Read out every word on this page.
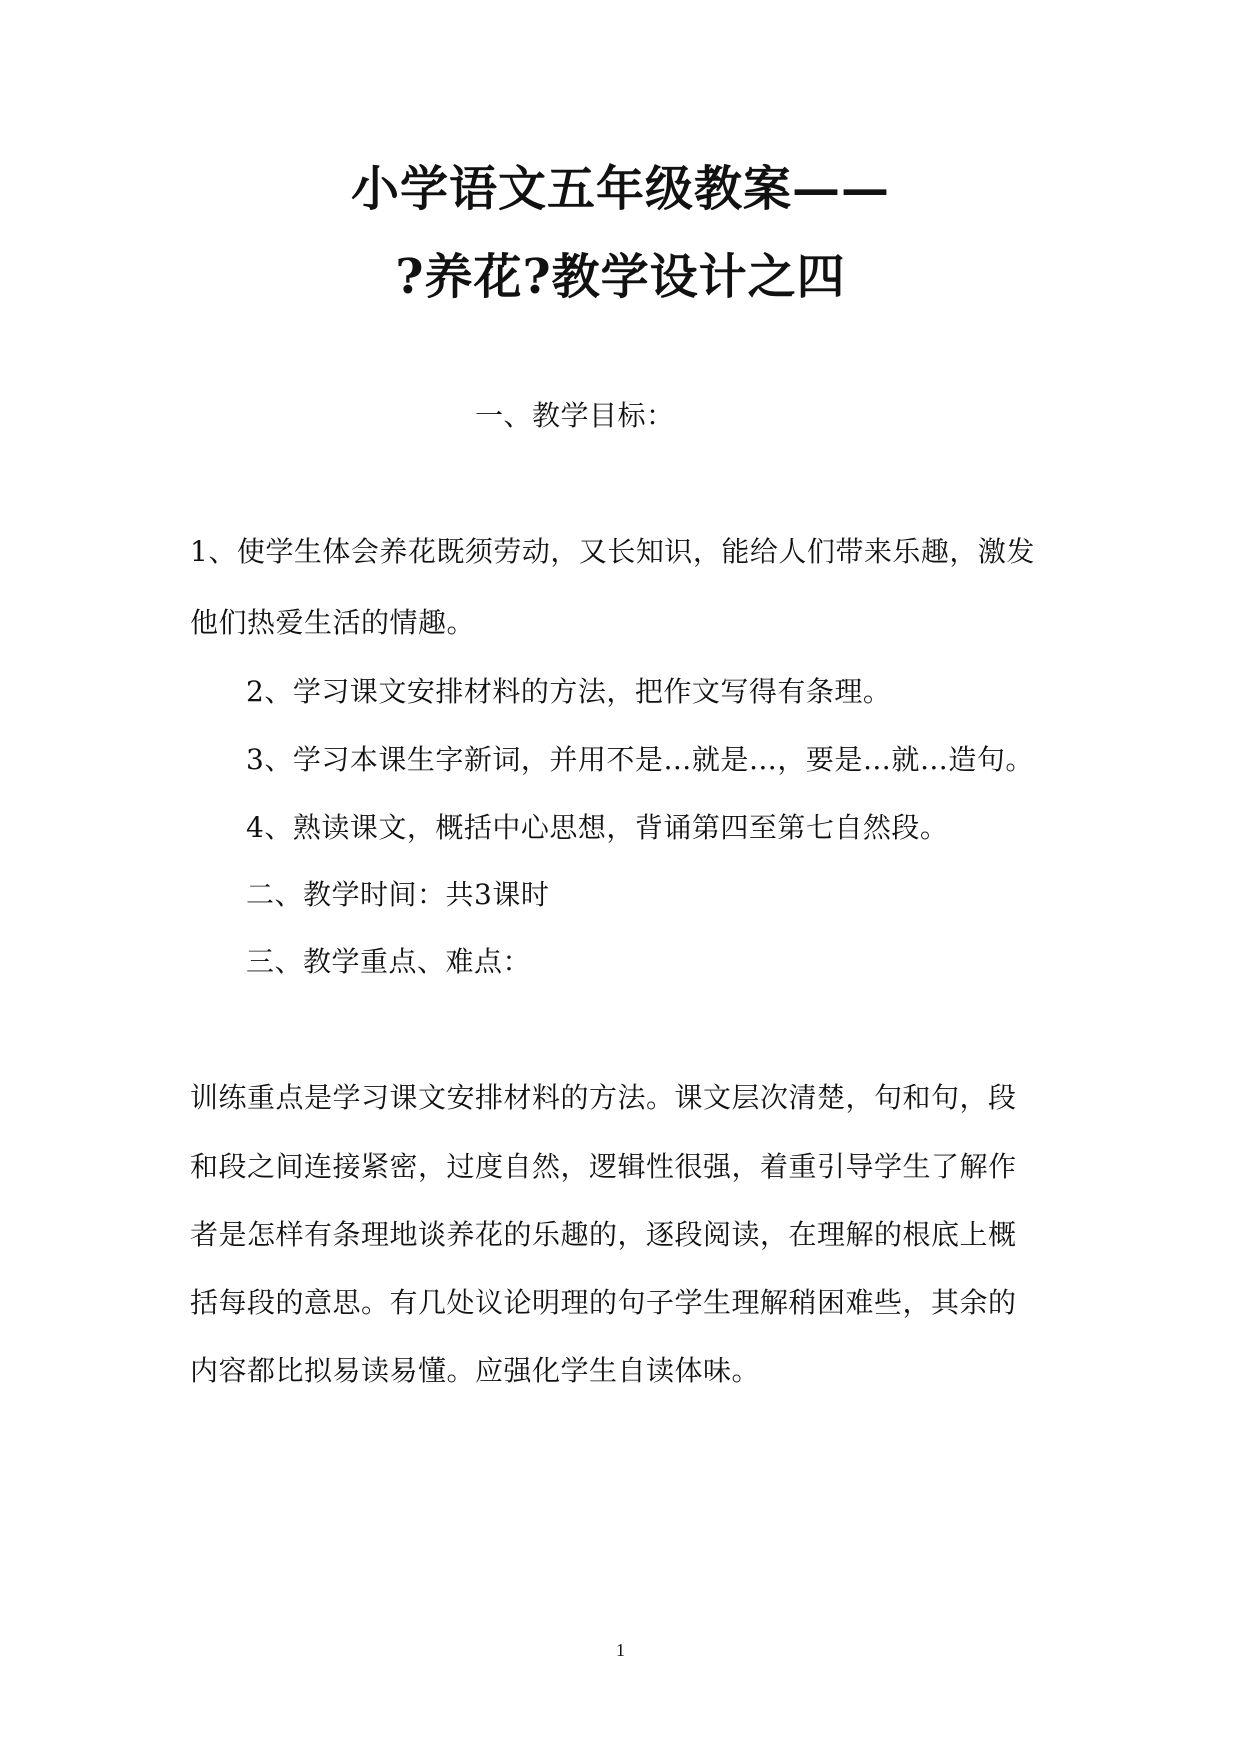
小学语文五年级教案——
?养花?教学设计之四
一、教学目标：
1、使学生体会养花既须劳动，又长知识，能给人们带来乐趣，激发
他们热爱生活的情趣。
2、学习课文安排材料的方法，把作文写得有条理。
3、学习本课生字新词，并用不是…就是…，要是…就…造句。
4、熟读课文，概括中心思想，背诵第四至第七自然段。
二、教学时间：共3课时
三、教学重点、难点：
训练重点是学习课文安排材料的方法。课文层次清楚，句和句，段
和段之间连接紧密，过度自然，逻辑性很强，着重引导学生了解作
者是怎样有条理地谈养花的乐趣的，逐段阅读，在理解的根底上概
括每段的意思。有几处议论明理的句子学生理解稍困难些，其余的
内容都比拟易读易懂。应强化学生自读体味。
1
